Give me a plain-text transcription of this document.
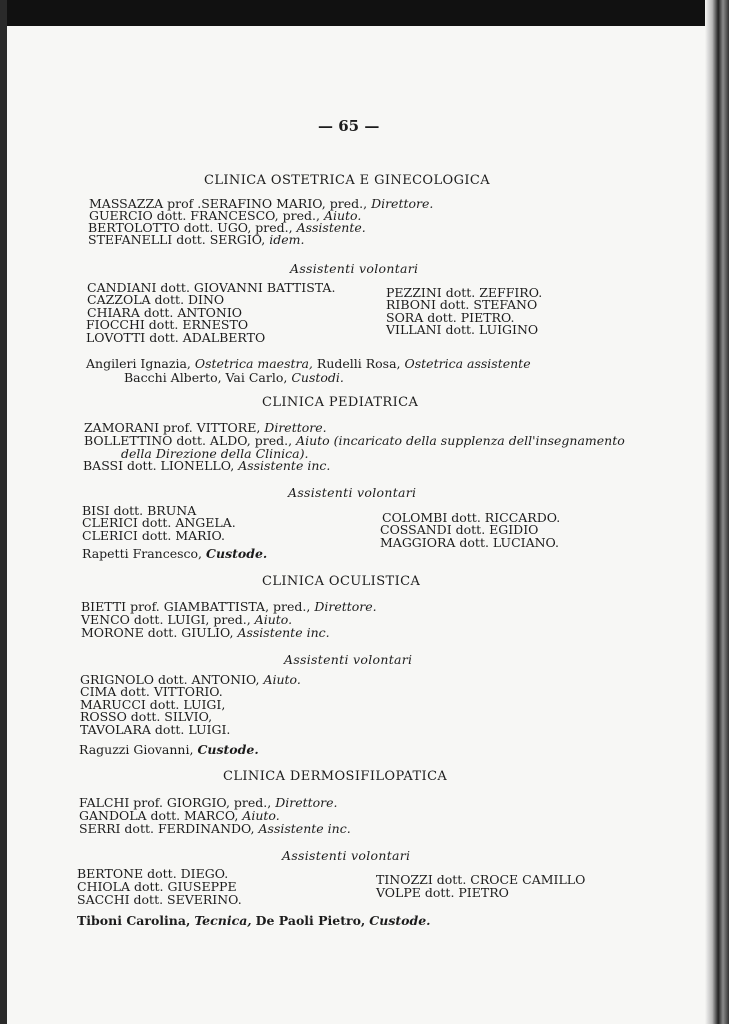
— 65 —
CLINICA OSTETRICA E GINECOLOGICA
MASSAZZA prof .SERAFINO MARIO, pred., Direttore.
GUERCIO dott. FRANCESCO, pred., Aiuto.
BERTOLOTTO dott. UGO, pred., Assistente.
STEFANELLI dott. SERGIO, idem.
Assistenti volontari
CANDIANI dott. GIOVANNI BATTISTA.
CAZZOLA dott. DINO
CHIARA dott. ANTONIO
FIOCCHI dott. ERNESTO
LOVOTTI dott. ADALBERTO
PEZZINI dott. ZEFFIRO.
RIBONI dott. STEFANO
SORA dott. PIETRO.
VILLANI dott. LUIGINO
Angileri Ignazia, Ostetrica maestra, Rudelli Rosa, Ostetrica assistente
Bacchi Alberto, Vai Carlo, Custodi.
CLINICA PEDIATRICA
ZAMORANI prof. VITTORE, Direttore.
BOLLETTINO dott. ALDO, pred., Aiuto (incaricato della supplenza dell'insegnamento
della Direzione della Clinica).
BASSI dott. LIONELLO, Assistente inc.
Assistenti volontari
BISI dott. BRUNA
CLERICI dott. ANGELA.
CLERICI dott. MARIO.
COLOMBI dott. RICCARDO.
COSSANDI dott. EGIDIO
MAGGIORA dott. LUCIANO.
Rapetti Francesco, Custode.
CLINICA OCULISTICA
BIETTI prof. GIAMBATTISTA, pred., Direttore.
VENCO dott. LUIGI, pred., Aiuto.
MORONE dott. GIULIO, Assistente inc.
Assistenti volontari
GRIGNOLO dott. ANTONIO, Aiuto.
CIMA dott. VITTORIO.
MARUCCI dott. LUIGI,
ROSSO dott. SILVIO,
TAVOLARA dott. LUIGI.
Raguzzi Giovanni, Custode.
CLINICA DERMOSIFILOPATICA
FALCHI prof. GIORGIO, pred., Direttore.
GANDOLA dott. MARCO, Aiuto.
SERRI dott. FERDINANDO, Assistente inc.
Assistenti volontari
BERTONE dott. DIEGO.
CHIOLA dott. GIUSEPPE
SACCHI dott. SEVERINO.
TINOZZI dott. CROCE CAMILLO
VOLPE dott. PIETRO
Tiboni Carolina, Tecnica, De Paoli Pietro, Custode.
